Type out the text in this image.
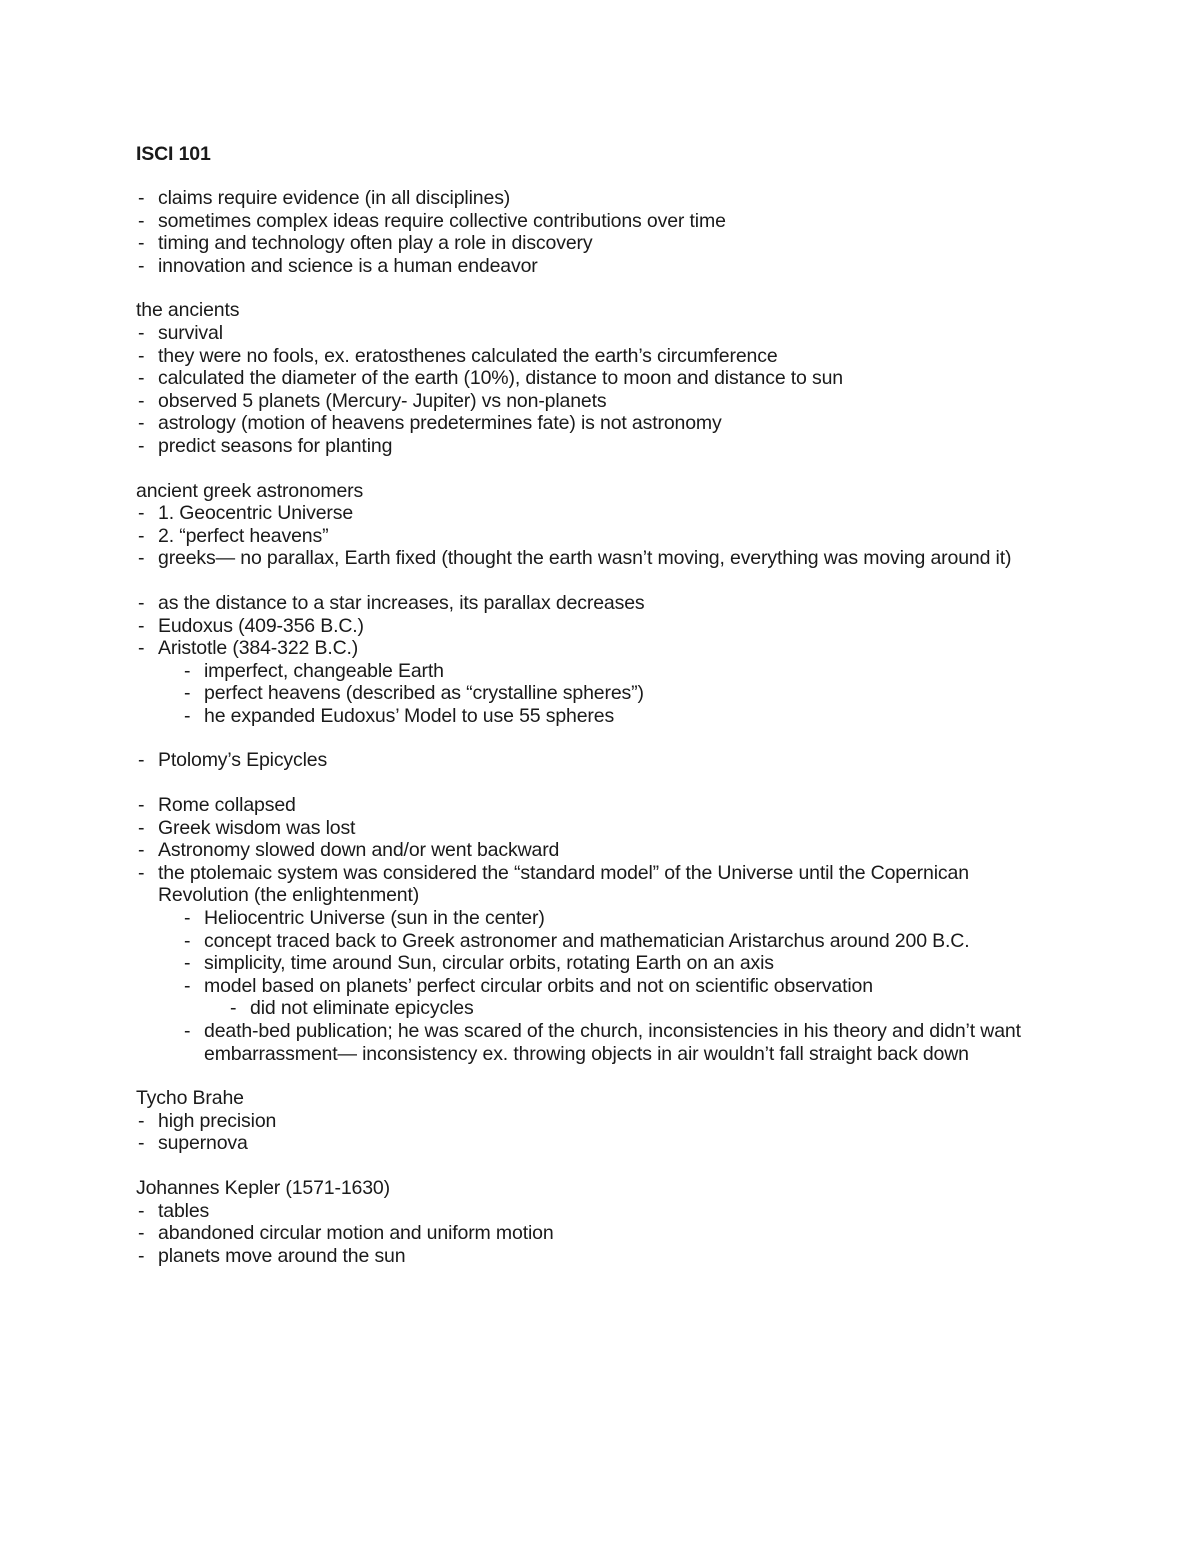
ISCI 101
- claims require evidence (in all disciplines)
- sometimes complex ideas require collective contributions over time
- timing and technology often play a role in discovery
- innovation and science is a human endeavor
the ancients
- survival
- they were no fools, ex. eratosthenes calculated the earth’s circumference
- calculated the diameter of the earth (10%), distance to moon and distance to sun
- observed 5 planets (Mercury- Jupiter) vs non-planets
- astrology (motion of heavens predetermines fate) is not astronomy
- predict seasons for planting
ancient greek astronomers
- 1. Geocentric Universe
- 2. “perfect heavens”
- greeks— no parallax, Earth fixed (thought the earth wasn’t moving, everything was moving around it)
- as the distance to a star increases, its parallax decreases
- Eudoxus (409-356 B.C.)
- Aristotle (384-322 B.C.)
- imperfect, changeable Earth
- perfect heavens (described as “crystalline spheres”)
- he expanded Eudoxus’ Model to use 55 spheres
- Ptolomy’s Epicycles
- Rome collapsed
- Greek wisdom was lost
- Astronomy slowed down and/or went backward
- the ptolemaic system was considered the “standard model” of the Universe until the Copernican Revolution (the enlightenment)
- Heliocentric Universe (sun in the center)
- concept traced back to Greek astronomer and mathematician Aristarchus around 200 B.C.
- simplicity, time around Sun, circular orbits, rotating Earth on an axis
- model based on planets’ perfect circular orbits and not on scientific observation
- did not eliminate epicycles
- death-bed publication; he was scared of the church, inconsistencies in his theory and didn’t want embarrassment— inconsistency ex. throwing objects in air wouldn’t fall straight back down
Tycho Brahe
- high precision
- supernova
Johannes Kepler (1571-1630)
- tables
- abandoned circular motion and uniform motion
- planets move around the sun
